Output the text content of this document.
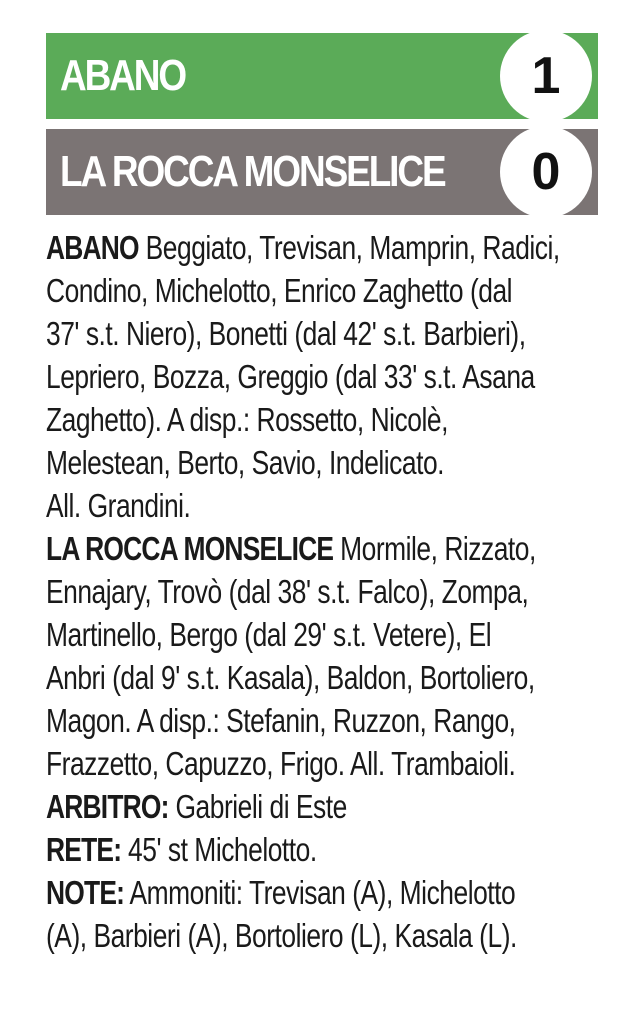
ABANO	1
LA ROCCA MONSELICE	0
ABANO Beggiato, Trevisan, Mamprin, Radici,
Condino, Michelotto, Enrico Zaghetto (dal
37' s.t. Niero), Bonetti (dal 42' s.t. Barbieri),
Lepriero, Bozza, Greggio (dal 33' s.t. Asana
Zaghetto). A disp.: Rossetto, Nicolè,
Melestean, Berto, Savio, Indelicato.
All. Grandini.
LA ROCCA MONSELICE Mormile, Rizzato,
Ennajary, Trovò (dal 38' s.t. Falco), Zompa,
Martinello, Bergo (dal 29' s.t. Vetere), El
Anbri (dal 9' s.t. Kasala), Baldon, Bortoliero,
Magon. A disp.: Stefanin, Ruzzon, Rango,
Frazzetto, Capuzzo, Frigo. All. Trambaioli.
ARBITRO: Gabrieli di Este
RETE: 45' st Michelotto.
NOTE: Ammoniti: Trevisan (A), Michelotto
(A), Barbieri (A), Bortoliero (L), Kasala (L).
